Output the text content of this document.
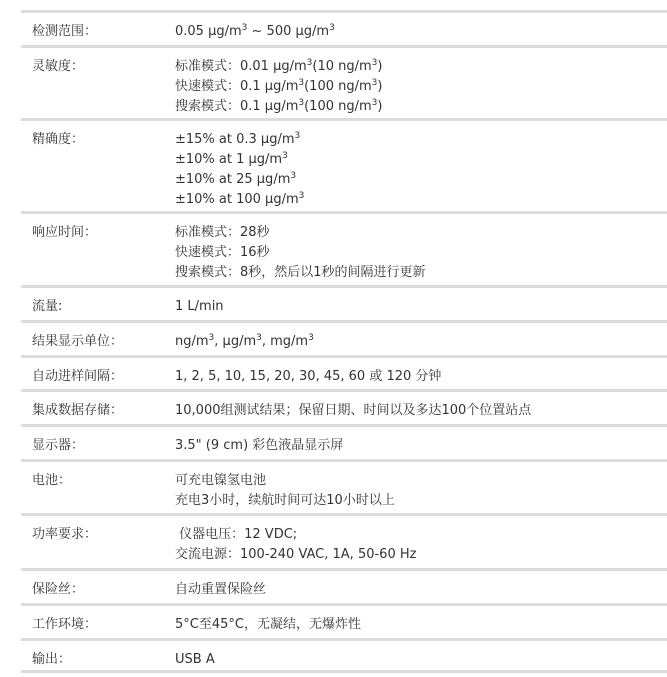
检测范围：	0.05 $\mu g/m^3$ ~ 500 $\mu g/m^3$
灵敏度：	标准模式：0.01 $\mu g/m^3(10$ $ng/m^3$)
快速模式：0.1 $\mu g/m^3(100$ $ng/m^3$)
搜索模式：0.1 $\mu g/m^3(100$ $ng/m^3$)
精确度：	±15% at 0.3 $\mu g/m^3$
±10% at 1 $\mu g/m^3$
±10% at 25 $\mu g/m^3$
±10% at 100 $\mu g/m^3$
响应时间：	标准模式：28秒
快速模式：16秒
搜索模式：8秒，然后以1秒的间隔进行更新
流量:	1 L/min
结果显示单位：	$ng/m^3$, $\mu g/m^3$, $mg/m^3$
自动进样间隔：	1, 2, 5, 10, 15, 20, 30, 45, 60 或 120 分钟
集成数据存储：	10,000组测试结果；保留日期、时间以及多达100个位置站点
显示器：	3.5" (9 cm) 彩色液晶显示屏
电池：	可充电镍氢电池
充电3小时，续航时间可达10小时以上
功率要求：	仪器电压：12 VDC;
交流电源：100-240 VAC, 1A, 50-60 Hz
保险丝：	自动重置保险丝
工作环境：	5°C至45°C，无凝结，无爆炸性
输出：	USB A
